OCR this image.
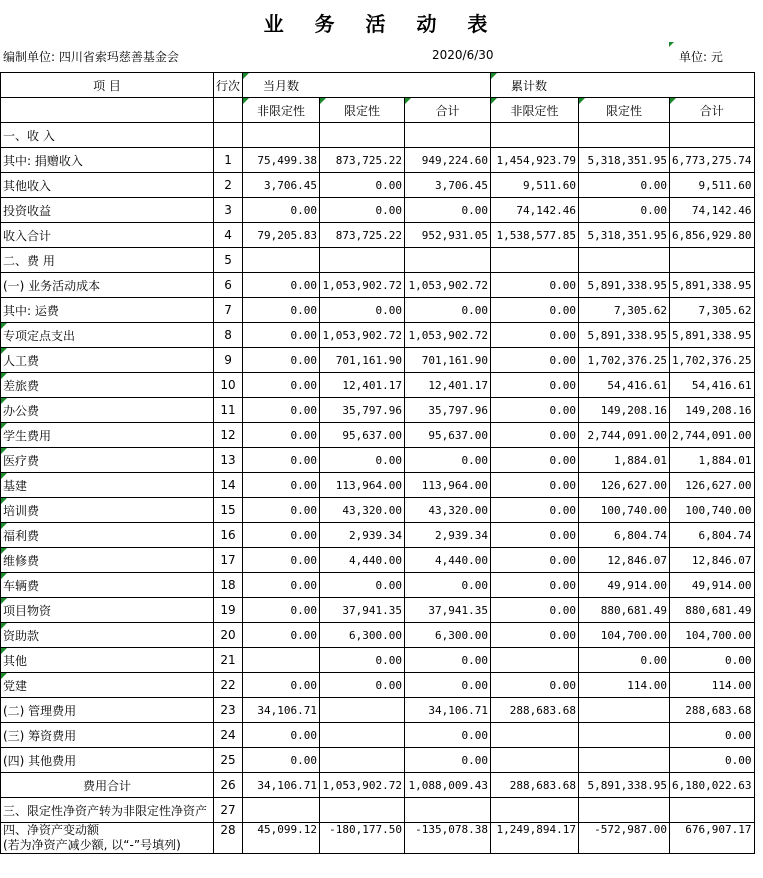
业 务 活 动 表
编制单位: 四川省索玛慈善基金会	2020/6/30	单位: 元
项 目	行次	当月数			累计数		

非限定性	限定性	合计	非限定性	限定性	合计
一、收 入							
其中: 捐赠收入	1	75,499.38	873,725.22	949,224.60	1,454,923.79	5,318,351.95	6,773,275.74
其他收入	2	3,706.45	0.00	3,706.45	9,511.60	0.00	9,511.60
投资收益	3	0.00	0.00	0.00	74,142.46	0.00	74,142.46
收入合计	4	79,205.83	873,725.22	952,931.05	1,538,577.85	5,318,351.95	6,856,929.80
二、费 用	5						
(一) 业务活动成本	6	0.00	1,053,902.72	1,053,902.72	0.00	5,891,338.95	5,891,338.95
其中: 运费	7	0.00	0.00	0.00	0.00	7,305.62	7,305.62

专项定点支出	8	0.00	1,053,902.72	1,053,902.72	0.00	5,891,338.95	5,891,338.95

人工费	9	0.00	701,161.90	701,161.90	0.00	1,702,376.25	1,702,376.25

差旅费	10	0.00	12,401.17	12,401.17	0.00	54,416.61	54,416.61

办公费	11	0.00	35,797.96	35,797.96	0.00	149,208.16	149,208.16

学生费用	12	0.00	95,637.00	95,637.00	0.00	2,744,091.00	2,744,091.00

医疗费	13	0.00	0.00	0.00	0.00	1,884.01	1,884.01

基建	14	0.00	113,964.00	113,964.00	0.00	126,627.00	126,627.00

培训费	15	0.00	43,320.00	43,320.00	0.00	100,740.00	100,740.00

福利费	16	0.00	2,939.34	2,939.34	0.00	6,804.74	6,804.74

维修费	17	0.00	4,440.00	4,440.00	0.00	12,846.07	12,846.07

车辆费	18	0.00	0.00	0.00	0.00	49,914.00	49,914.00

项目物资	19	0.00	37,941.35	37,941.35	0.00	880,681.49	880,681.49

资助款	20	0.00	6,300.00	6,300.00	0.00	104,700.00	104,700.00

其他	21		0.00	0.00		0.00	0.00

党建	22	0.00	0.00	0.00	0.00	114.00	114.00
(二) 管理费用	23	34,106.71		34,106.71	288,683.68		288,683.68
(三) 筹资费用	24	0.00		0.00			0.00
(四) 其他费用	25	0.00		0.00			0.00
费用合计	26	34,106.71	1,053,902.72	1,088,009.43	288,683.68	5,891,338.95	6,180,022.63
三、限定性净资产转为非限定性净资产	27						
四、净资产变动额
(若为净资产减少额, 以“-”号填列)	28	45,099.12	-180,177.50	-135,078.38	1,249,894.17	-572,987.00	676,907.17
